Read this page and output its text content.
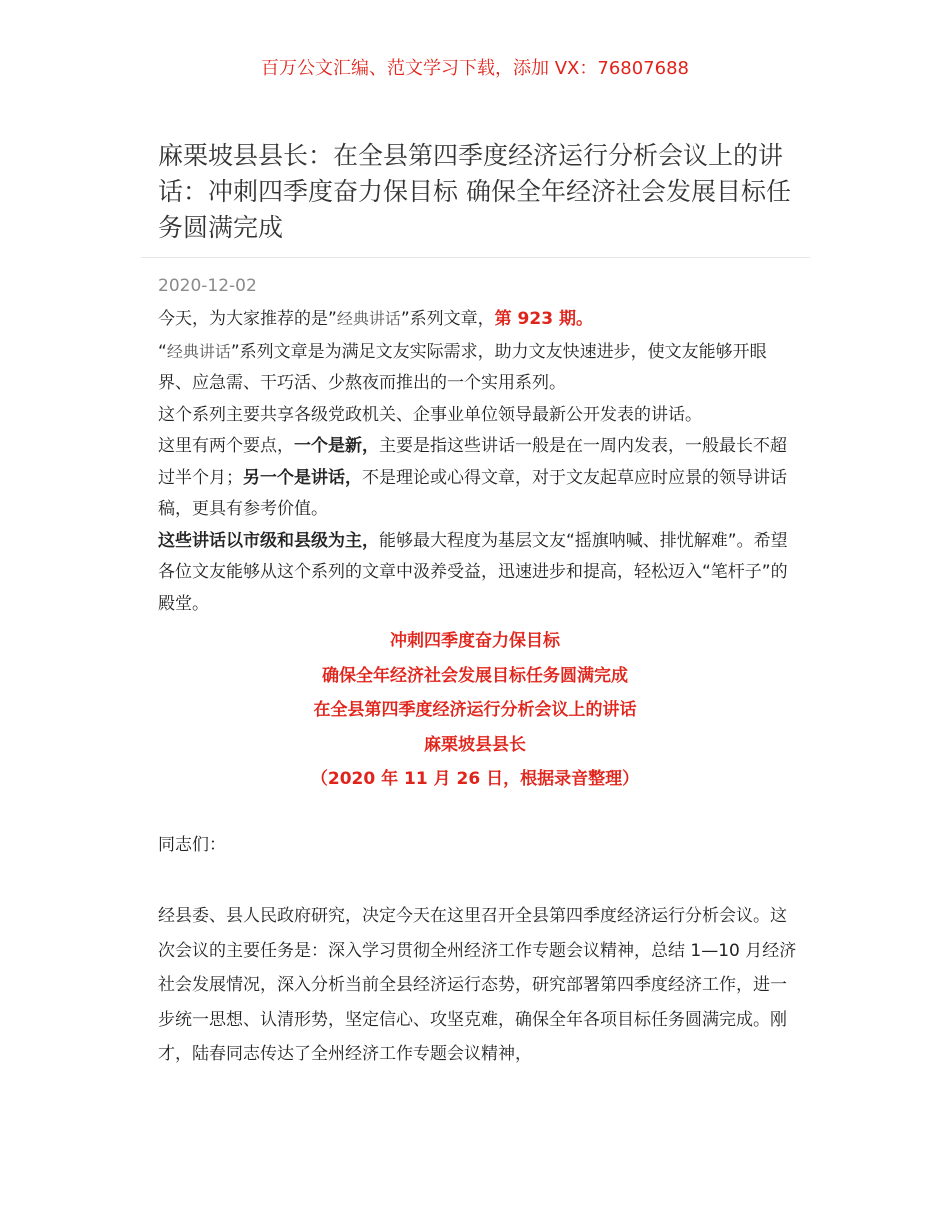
百万公文汇编、范文学习下载，添加 VX：76807688
麻栗坡县县长：在全县第四季度经济运行分析会议上的讲话：冲刺四季度奋力保目标 确保全年经济社会发展目标任务圆满完成
2020-12-02

今天，为大家推荐的是”经典讲话”系列文章，第 923 期。

“经典讲话”系列文章是为满足文友实际需求，助力文友快速进步，使文友能够开眼界、应急需、干巧活、少熬夜而推出的一个实用系列。

这个系列主要共享各级党政机关、企事业单位领导最新公开发表的讲话。

这里有两个要点，一个是新，主要是指这些讲话一般是在一周内发表，一般最长不超过半个月；另一个是讲话，不是理论或心得文章，对于文友起草应时应景的领导讲话稿，更具有参考价值。

这些讲话以市级和县级为主，能够最大程度为基层文友“摇旗呐喊、排忧解难”。希望各位文友能够从这个系列的文章中汲养受益，迅速进步和提高，轻松迈入“笔杆子”的殿堂。

冲刺四季度奋力保目标
确保全年经济社会发展目标任务圆满完成
在全县第四季度经济运行分析会议上的讲话
麻栗坡县县长
（2020 年 11 月 26 日，根据录音整理）
同志们：

经县委、县人民政府研究，决定今天在这里召开全县第四季度经济运行分析会议。这次会议的主要任务是：深入学习贯彻全州经济工作专题会议精神，总结 1—10 月经济社会发展情况，深入分析当前全县经济运行态势，研究部署第四季度经济工作，进一步统一思想、认清形势，坚定信心、攻坚克难，确保全年各项目标任务圆满完成。刚才，陆春同志传达了全州经济工作专题会议精神，
